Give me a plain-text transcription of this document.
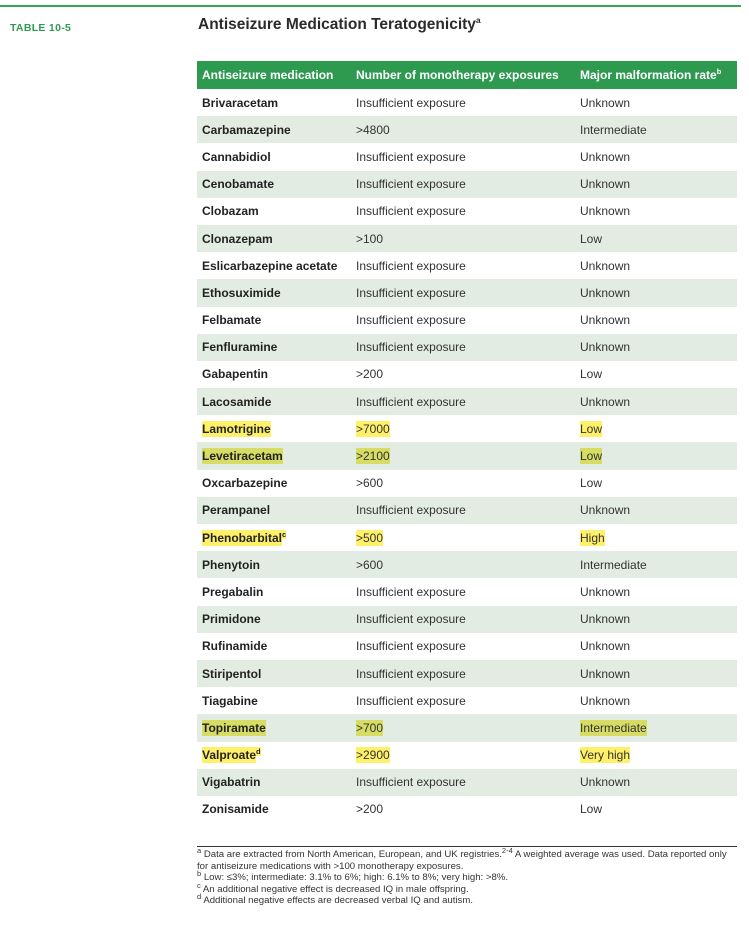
TABLE 10-5	Antiseizure Medication Teratogenicity$^a$
Antiseizure medication	Number of monotherapy exposures	Major malformation rate$^b$
Brivaracetam	Insufficient exposure	Unknown
Carbamazepine	>4800	Intermediate
Cannabidiol	Insufficient exposure	Unknown
Cenobamate	Insufficient exposure	Unknown
Clobazam	Insufficient exposure	Unknown
Clonazepam	>100	Low
Eslicarbazepine acetate	Insufficient exposure	Unknown
Ethosuximide	Insufficient exposure	Unknown
Felbamate	Insufficient exposure	Unknown
Fenfluramine	Insufficient exposure	Unknown
Gabapentin	>200	Low
Lacosamide	Insufficient exposure	Unknown
Lamotrigine	>7000	Low
Levetiracetam	>2100	Low
Oxcarbazepine	>600	Low
Perampanel	Insufficient exposure	Unknown
Phenobarbital$^c$	>500	High
Phenytoin	>600	Intermediate
Pregabalin	Insufficient exposure	Unknown
Primidone	Insufficient exposure	Unknown
Rufinamide	Insufficient exposure	Unknown
Stiripentol	Insufficient exposure	Unknown
Tiagabine	Insufficient exposure	Unknown
Topiramate	>700	Intermediate
Valproate$^d$	>2900	Very high
Vigabatrin	Insufficient exposure	Unknown
Zonisamide	>200	Low
$^a$ Data are extracted from North American, European, and UK registries.$^{2-4}$ A weighted average was used. Data reported only for antiseizure medications with >100 monotherapy exposures.
$^b$ Low: ≤3%; intermediate: 3.1% to 6%; high: 6.1% to 8%; very high: >8%.
$^c$ An additional negative effect is decreased IQ in male offspring.
$^d$ Additional negative effects are decreased verbal IQ and autism.
